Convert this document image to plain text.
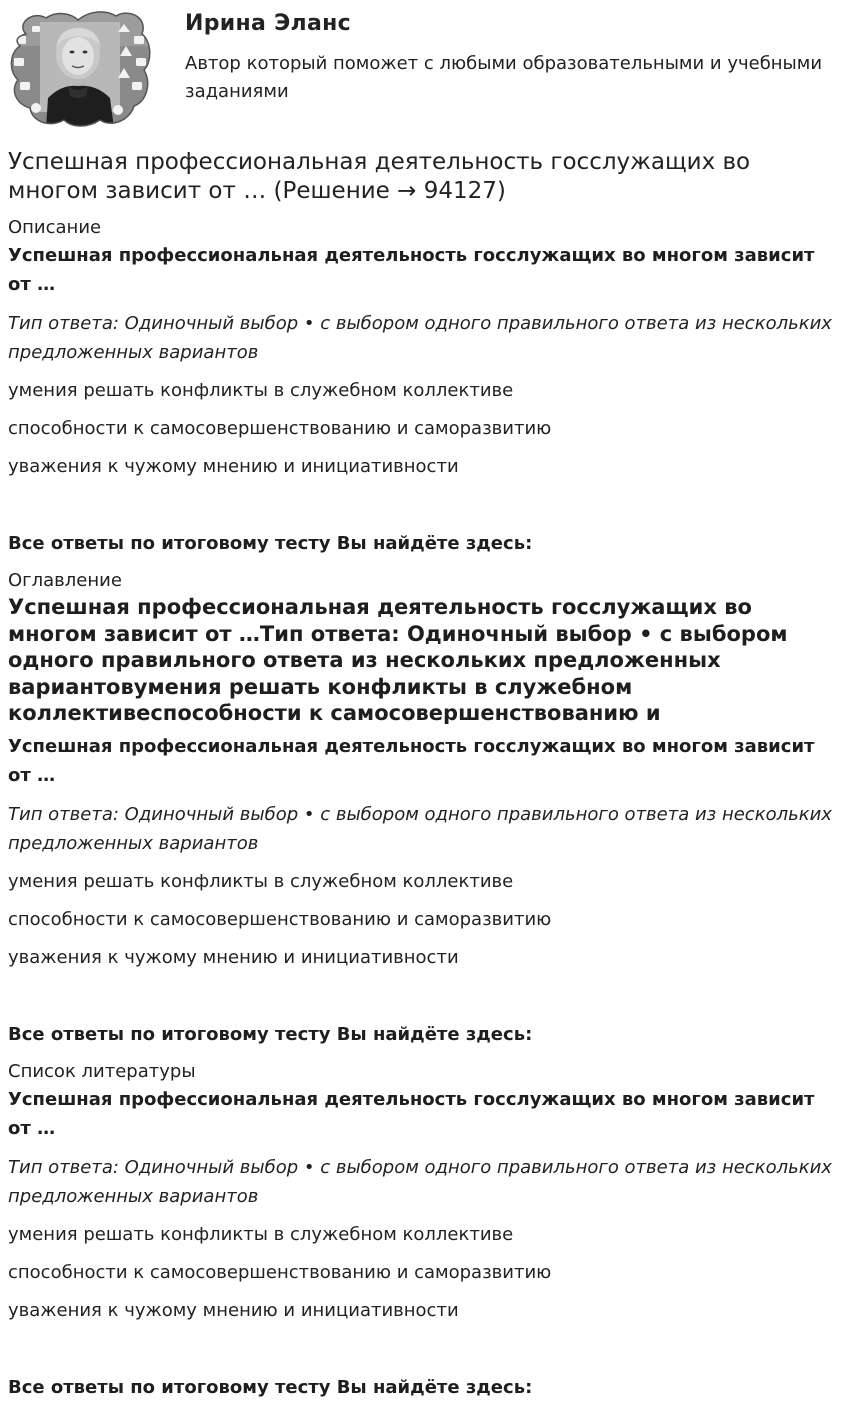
Ирина Эланс
Автор который поможет с любыми образовательными и учебными заданиями
Успешная профессиональная деятельность госслужащих во многом зависит от … (Решение → 94127)
Описание
Успешная профессиональная деятельность госслужащих во многом зависит от …
Тип ответа: Одиночный выбор • с выбором одного правильного ответа из нескольких предложенных вариантов
умения решать конфликты в служебном коллективе
способности к самосовершенствованию и саморазвитию
уважения к чужому мнению и инициативности
Все ответы по итоговому тесту Вы найдёте здесь:
Оглавление
Успешная профессиональная деятельность госслужащих во многом зависит от …Тип ответа: Одиночный выбор • с выбором одного правильного ответа из нескольких предложенных вариантовумения решать конфликты в служебном коллективеспособности к самосовершенствованию и
Успешная профессиональная деятельность госслужащих во многом зависит от …
Тип ответа: Одиночный выбор • с выбором одного правильного ответа из нескольких предложенных вариантов
умения решать конфликты в служебном коллективе
способности к самосовершенствованию и саморазвитию
уважения к чужому мнению и инициативности
Все ответы по итоговому тесту Вы найдёте здесь:
Список литературы
Успешная профессиональная деятельность госслужащих во многом зависит от …
Тип ответа: Одиночный выбор • с выбором одного правильного ответа из нескольких предложенных вариантов
умения решать конфликты в служебном коллективе
способности к самосовершенствованию и саморазвитию
уважения к чужому мнению и инициативности
Все ответы по итоговому тесту Вы найдёте здесь:
